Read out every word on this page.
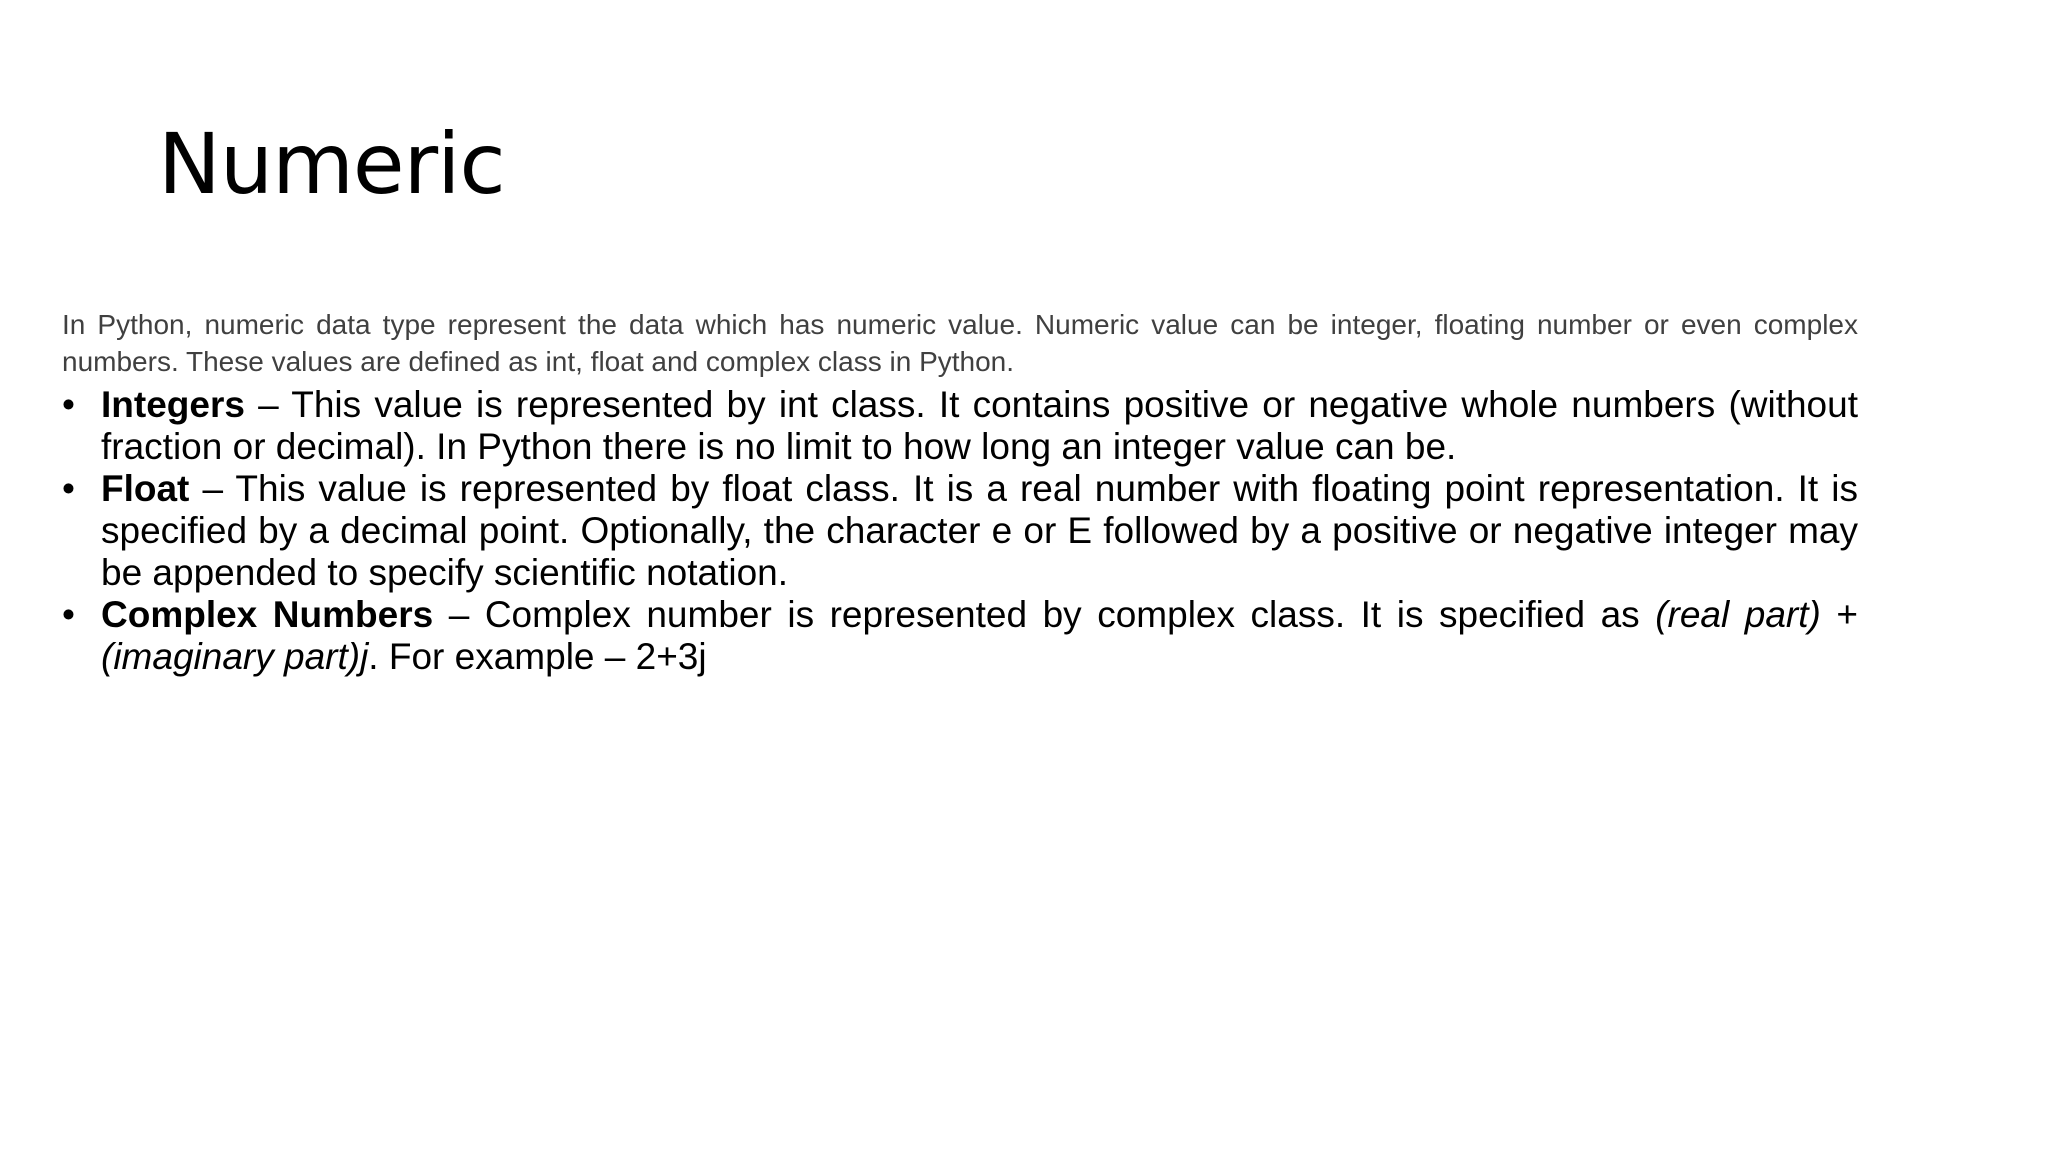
Numeric

In Python, numeric data type represent the data which has numeric value. Numeric value can be integer, floating number or even complex numbers. These values are defined as int, float and complex class in Python.

• Integers – This value is represented by int class. It contains positive or negative whole numbers (without fraction or decimal). In Python there is no limit to how long an integer value can be.
• Float – This value is represented by float class. It is a real number with floating point representation. It is specified by a decimal point. Optionally, the character e or E followed by a positive or negative integer may be appended to specify scientific notation.
• Complex Numbers – Complex number is represented by complex class. It is specified as (real part) + (imaginary part)j. For example – 2+3j
